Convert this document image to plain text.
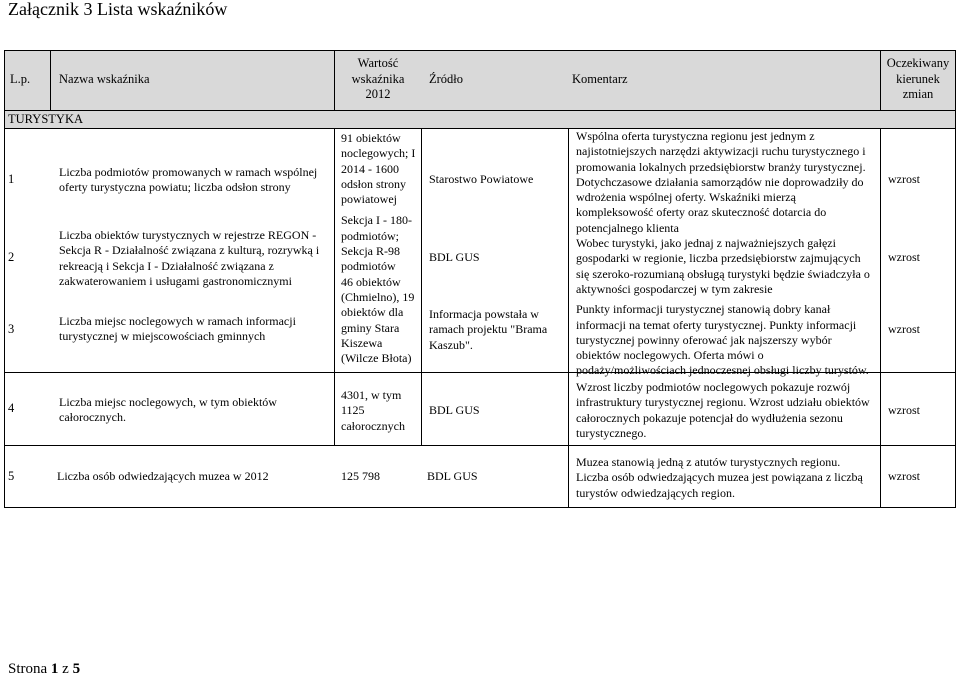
Załącznik 3 Lista wskaźników
L.p. Nazwa wskaźnika
Wartość
wskaźnika
2012
Źródło	Komentarz
Oczekiwany
kierunek
zmian
TURYSTYKA
1
2
3
4
5
Liczba podmiotów promowanych w ramach wspólnej
oferty turystyczna powiatu; liczba odsłon strony
Liczba obiektów turystycznych w rejestrze REGON -
Sekcja R - Działalność związana z kulturą, rozrywką i
rekreacją i Sekcja I - Działalność związana z
zakwaterowaniem i usługami gastronomicznymi
Liczba miejsc noclegowych w ramach informacji
turystycznej w miejscowościach gminnych
Liczba miejsc noclegowych, w tym obiektów
całorocznych.
Liczba osób odwiedzających muzea w 2012
91 obiektów
noclegowych; I
2014 - 1600
odsłon strony
powiatowej
Sekcja I - 180-
podmiotów;
Sekcja R-98
podmiotów
46 obiektów
(Chmielno), 19
obiektów dla
gminy Stara
Kiszewa
(Wilcze Błota)
4301, w tym
1125
całorocznych
125 798
Starostwo Powiatowe
BDL GUS
Informacja powstała w
ramach projektu "Brama
Kaszub".
BDL GUS
BDL GUS
Wspólna oferta turystyczna regionu jest jednym z
najistotniejszych narzędzi aktywizacji ruchu turystycznego i
promowania lokalnych przedsiębiorstw branży turystycznej.
Dotychczasowe działania samorządów nie doprowadziły do
wdrożenia wspólnej oferty. Wskaźniki mierzą
kompleksowość oferty oraz skuteczność dotarcia do
potencjalnego klienta
Wobec turystyki, jako jednaj z najważniejszych gałęzi
gospodarki w regionie, liczba przedsiębiorstw zajmujących
się szeroko-rozumianą obsługą turystyki będzie świadczyła o
aktywności gospodarczej w tym zakresie
Punkty informacji turystycznej stanowią dobry kanał
informacji na temat oferty turystycznej. Punkty informacji
turystycznej powinny oferować jak najszerszy wybór
obiektów noclegowych. Oferta mówi o
podaży/możliwościach jednoczesnej obsługi liczby turystów.
Wzrost liczby podmiotów noclegowych pokazuje rozwój
infrastruktury turystycznej regionu. Wzrost udziału obiektów
całorocznych pokazuje potencjał do wydłużenia sezonu
turystycznego.
Muzea stanowią jedną z atutów turystycznych regionu.
Liczba osób odwiedzających muzea jest powiązana z liczbą
turystów odwiedzających region.
wzrost
wzrost
wzrost
wzrost
wzrost
Strona 1 z 5
